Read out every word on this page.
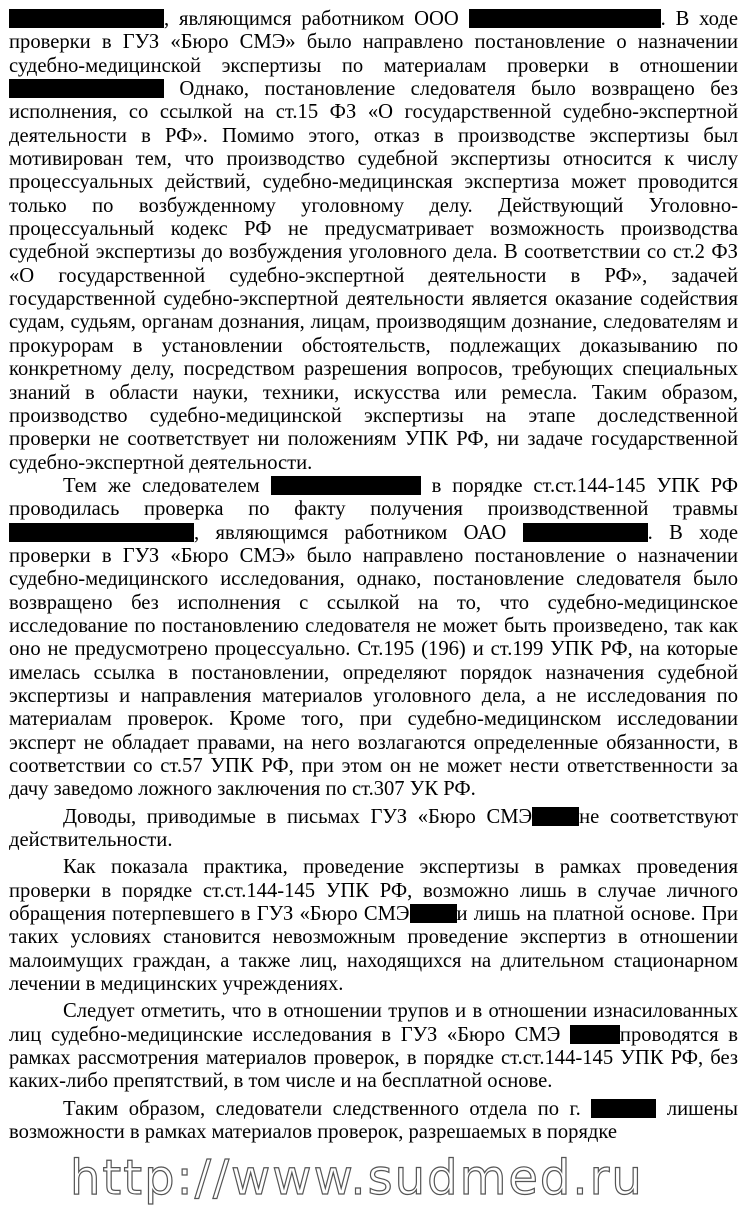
, являющимся работником ООО	. В ходе проверки в ГУЗ «Бюро СМЭ» было направлено постановление о назначении судебно-медицинской экспертизы по материалам проверки в отношении  Однако, постановление следователя было возвращено без исполнения, со ссылкой на ст.15 ФЗ «О государственной судебно-экспертной деятельности в РФ». Помимо этого, отказ в производстве экспертизы был мотивирован тем, что производство судебной экспертизы относится к числу процессуальных действий, судебно-медицинская экспертиза может проводится только по возбужденному уголовному делу. Действующий Уголовно-процессуальный кодекс РФ не предусматривает возможность производства судебной экспертизы до возбуждения уголовного дела. В соответствии со ст.2 ФЗ «О государственной судебно-экспертной деятельности в РФ», задачей государственной судебно-экспертной деятельности является оказание содействия судам, судьям, органам дознания, лицам, производящим дознание, следователям и прокурорам в установлении обстоятельств, подлежащих доказыванию по конкретному делу, посредством разрешения вопросов, требующих специальных знаний в области науки, техники, искусства или ремесла. Таким образом, производство судебно-медицинской экспертизы на этапе доследственной проверки не соответствует ни положениям УПК РФ, ни задаче государственной судебно-экспертной деятельности.

Тем же следователем	в порядке ст.ст.144-145 УПК РФ проводилась проверка по факту получения производственной травмы , являющимся работником ОАО	. В ходе проверки в ГУЗ «Бюро СМЭ» было направлено постановление о назначении судебно-медицинского исследования, однако, постановление следователя было возвращено без исполнения с ссылкой на то, что судебно-медицинское исследование по постановлению следователя не может быть произведено, так как оно не предусмотрено процессуально. Ст.195 (196) и ст.199 УПК РФ, на которые имелась ссылка в постановлении, определяют порядок назначения судебной экспертизы и направления материалов уголовного дела, а не исследования по материалам проверок. Кроме того, при судебно-медицинском исследовании эксперт не обладает правами, на него возлагаются определенные обязанности, в соответствии со ст.57 УПК РФ, при этом он не может нести ответственности за дачу заведомо ложного заключения по ст.307 УК РФ.

Доводы, приводимые в письмах ГУЗ «Бюро СМЭ не соответствуют действительности.

Как показала практика, проведение экспертизы в рамках проведения проверки в порядке ст.ст.144-145 УПК РФ, возможно лишь в случае личного обращения потерпевшего в ГУЗ «Бюро СМЭ и лишь на платной основе. При таких условиях становится невозможным проведение экспертиз в отношении малоимущих граждан, а также лиц, находящихся на длительном стационарном лечении в медицинских учреждениях.

Следует отметить, что в отношении трупов и в отношении изнасилованных лиц судебно-медицинские исследования в ГУЗ «Бюро СМЭ проводятся в рамках рассмотрения материалов проверок, в порядке ст.ст.144-145 УПК РФ, без каких-либо препятствий, в том числе и на бесплатной основе.

Таким образом, следователи следственного отдела по г.	лишены возможности в рамках материалов проверок, разрешаемых в порядке

http://www.sudmed.ru
